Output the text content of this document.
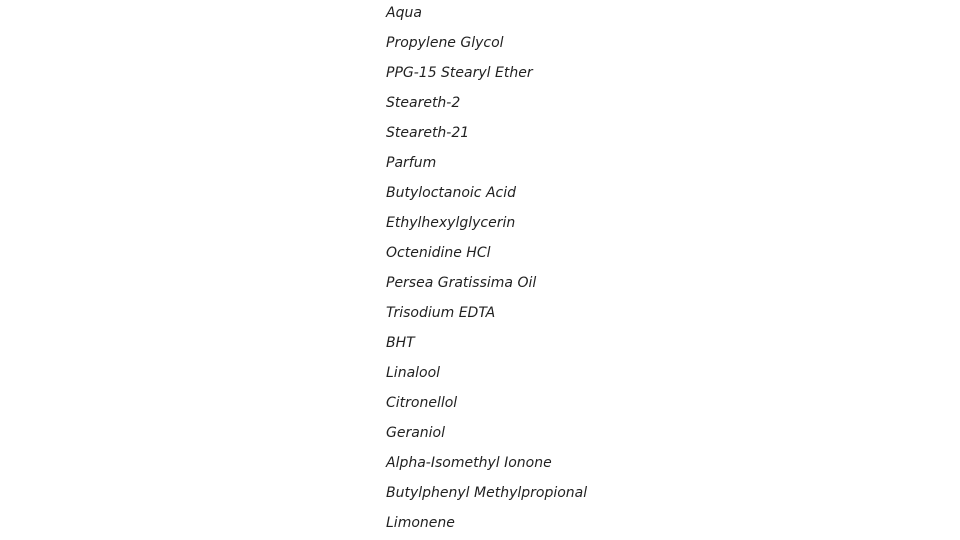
Aqua
Propylene Glycol
PPG-15 Stearyl Ether
Steareth-2
Steareth-21
Parfum
Butyloctanoic Acid
Ethylhexylglycerin
Octenidine HCl
Persea Gratissima Oil
Trisodium EDTA
BHT
Linalool
Citronellol
Geraniol
Alpha-Isomethyl Ionone
Butylphenyl Methylpropional
Limonene
